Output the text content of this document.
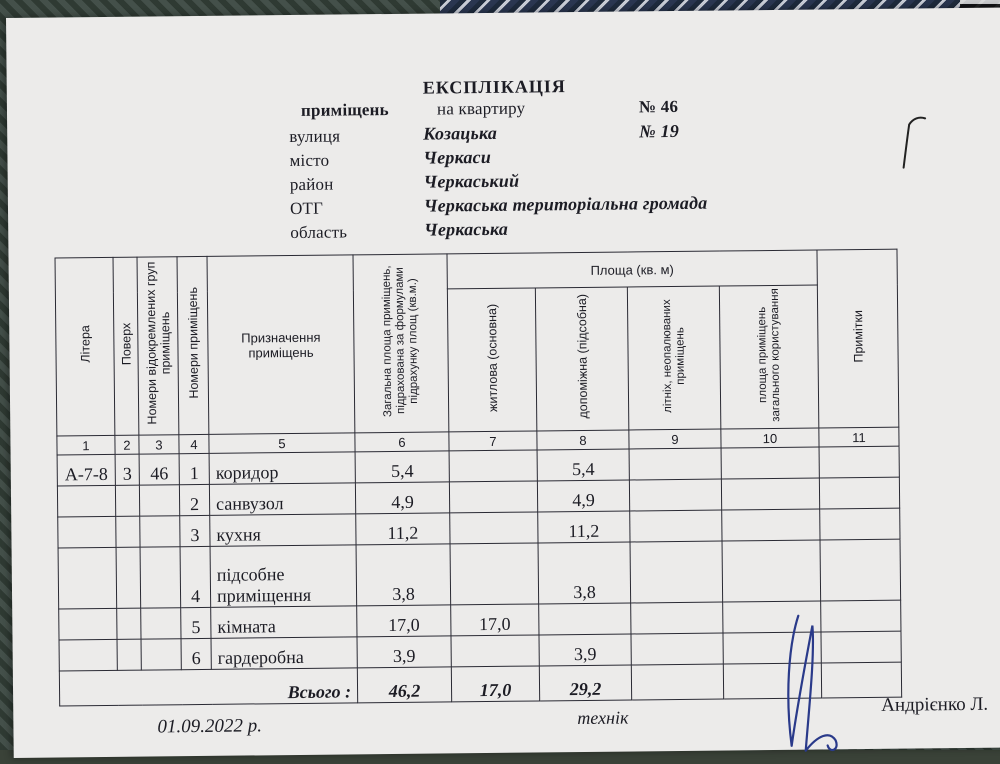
ЕКСПЛІКАЦІЯ
приміщень	на квартиру	№ 46
вулиця	Козацька	№ 19
місто	Черкаси
район	Черкаський
ОТГ	Черкаська територіальна громада
область	Черкаська
Літера	Поверх	Номери відокремлених груп приміщень	Номери приміщень	Призначення приміщень	Загальна площа приміщень, підрахована за формулами підрахунку площ (кв.м.)	Площа (кв. м)				Примітки
						житлова (основна)	допоміжна (підсобна)	літніх, неопалюваних приміщень	площа приміщень загального користування	
1	2	3	4	5	6	7	8	9	10	11
А-7-8	3	46	1	коридор	5,4		5,4			
			2	санвузол	4,9		4,9			
			3	кухня	11,2		11,2			
			4	підсобне
приміщення	3,8		3,8			
			5	кімната	17,0	17,0				
			6	гардеробна	3,9		3,9			
Всього :					46,2	17,0	29,2			
01.09.2022 р.	технік
Андрієнко Л.
